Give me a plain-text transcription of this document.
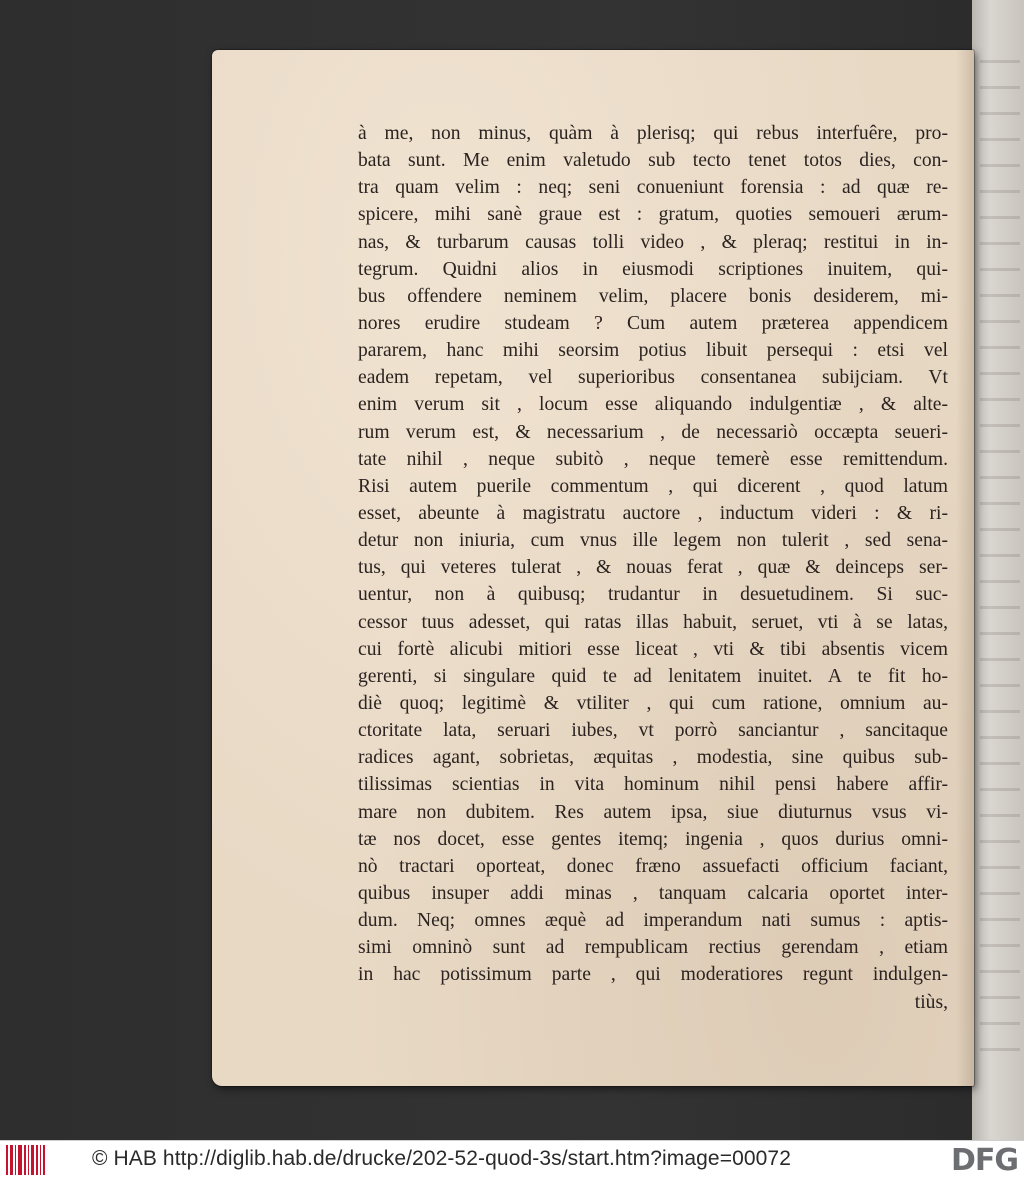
à me, non minus, quàm à plerisq; qui rebus interfuêre, pro-
bata sunt. Me enim valetudo sub tecto tenet totos dies, con-
tra quam velim : neq; seni conueniunt forensia : ad quæ re-
spicere, mihi sanè graue est : gratum, quoties semoueri ærum-
nas, & turbarum causas tolli video , & pleraq; restitui in in-
tegrum. Quidni alios in eiusmodi scriptiones inuitem, qui-
bus offendere neminem velim, placere bonis desiderem, mi-
nores erudire studeam ? Cum autem præterea appendicem
pararem, hanc mihi seorsim potius libuit persequi : etsi vel
eadem repetam, vel superioribus consentanea subijciam. Vt
enim verum sit , locum esse aliquando indulgentiæ , & alte-
rum verum est, & necessarium , de necessariò occæpta seueri-
tate nihil , neque subitò , neque temerè esse remittendum.
Risi autem puerile commentum , qui dicerent , quod latum
esset, abeunte à magistratu auctore , inductum videri : & ri-
detur non iniuria, cum vnus ille legem non tulerit , sed sena-
tus, qui veteres tulerat , & nouas ferat , quæ & deinceps ser-
uentur, non à quibusq; trudantur in desuetudinem. Si suc-
cessor tuus adesset, qui ratas illas habuit, seruet, vti à se latas,
cui fortè alicubi mitiori esse liceat , vti & tibi absentis vicem
gerenti, si singulare quid te ad lenitatem inuitet. A te fit ho-
diè quoq; legitimè & vtiliter , qui cum ratione, omnium au-
ctoritate lata, seruari iubes, vt porrò sanciantur , sancitaque
radices agant, sobrietas, æquitas , modestia, sine quibus sub-
tilissimas scientias in vita hominum nihil pensi habere affir-
mare non dubitem. Res autem ipsa, siue diuturnus vsus vi-
tæ nos docet, esse gentes itemq; ingenia , quos durius omni-
nò tractari oporteat, donec fræno assuefacti officium faciant,
quibus insuper addi minas , tanquam calcaria oportet inter-
dum. Neq; omnes æquè ad imperandum nati sumus : aptis-
simi omninò sunt ad rempublicam rectius gerendam , etiam
in hac potissimum parte , qui moderatiores regunt indulgen-
tiùs,
© HAB http://diglib.hab.de/drucke/202-52-quod-3s/start.htm?image=00072	DFG
